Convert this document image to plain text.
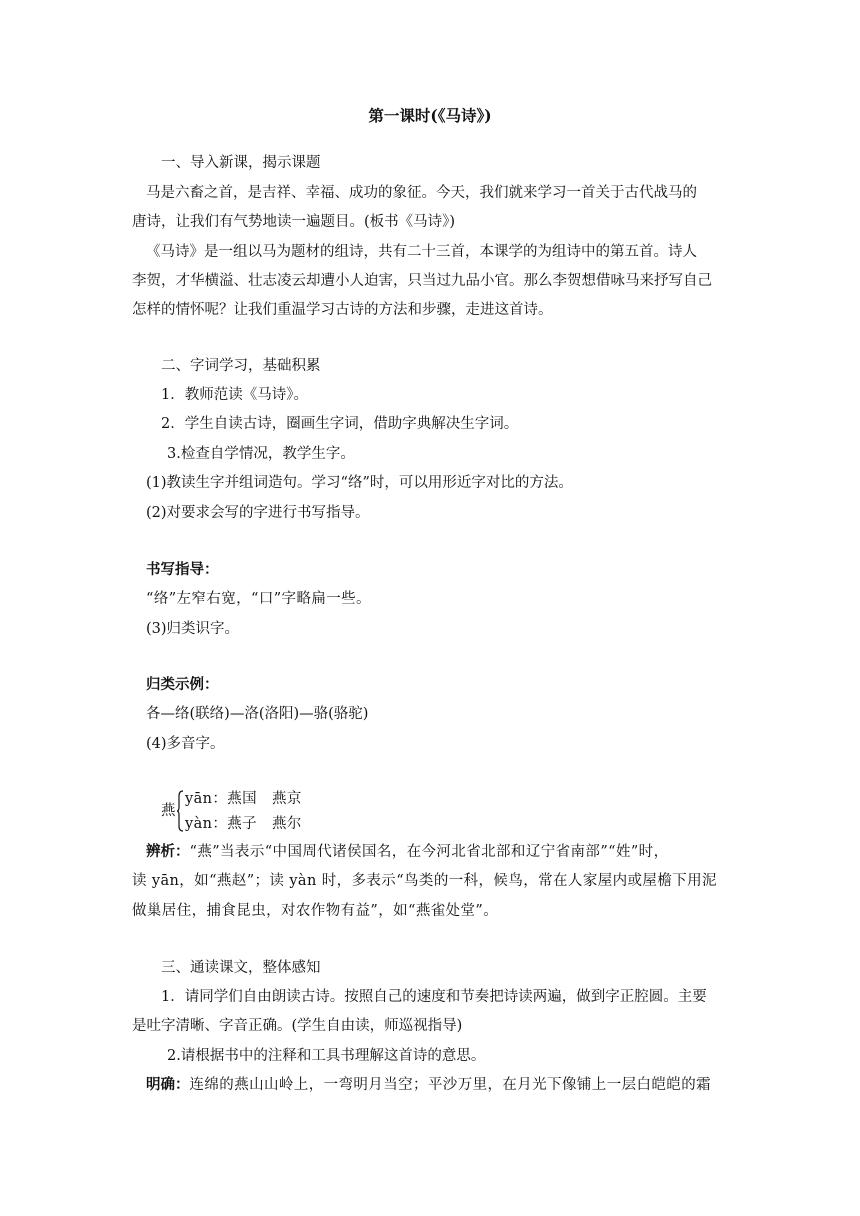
第一课时(《马诗》)
一、导入新课，揭示课题
马是六畜之首，是吉祥、幸福、成功的象征。今天，我们就来学习一首关于古代战马的
唐诗，让我们有气势地读一遍题目。(板书《马诗》)
《马诗》是一组以马为题材的组诗，共有二十三首，本课学的为组诗中的第五首。诗人
李贺，才华横溢、壮志凌云却遭小人迫害，只当过九品小官。那么李贺想借咏马来抒写自己
怎样的情怀呢？让我们重温学习古诗的方法和步骤，走进这首诗。
二、字词学习，基础积累
1．教师范读《马诗》。
2．学生自读古诗，圈画生字词，借助字典解决生字词。
3.检查自学情况，教学生字。
(1)教读生字并组词造句。学习“络”时，可以用形近字对比的方法。
(2)对要求会写的字进行书写指导。
书写指导：
“络”左窄右宽，“口”字略扁一些。
(3)归类识字。
归类示例：
各—络(联络)—洛(洛阳)—骆(骆驼)
(4)多音字。
燕
yān：燕国　燕京
yàn：燕子　燕尔
辨析：“燕”当表示“中国周代诸侯国名，在今河北省北部和辽宁省南部”“姓”时，
读 yān，如“燕赵”；读 yàn 时，多表示“鸟类的一科，候鸟，常在人家屋内或屋檐下用泥
做巢居住，捕食昆虫，对农作物有益”，如“燕雀处堂”。
三、通读课文，整体感知
1．请同学们自由朗读古诗。按照自己的速度和节奏把诗读两遍，做到字正腔圆。主要
是吐字清晰、字音正确。(学生自由读，师巡视指导)
2.请根据书中的注释和工具书理解这首诗的意思。
明确：连绵的燕山山岭上，一弯明月当空；平沙万里，在月光下像铺上一层白皑皑的霜
